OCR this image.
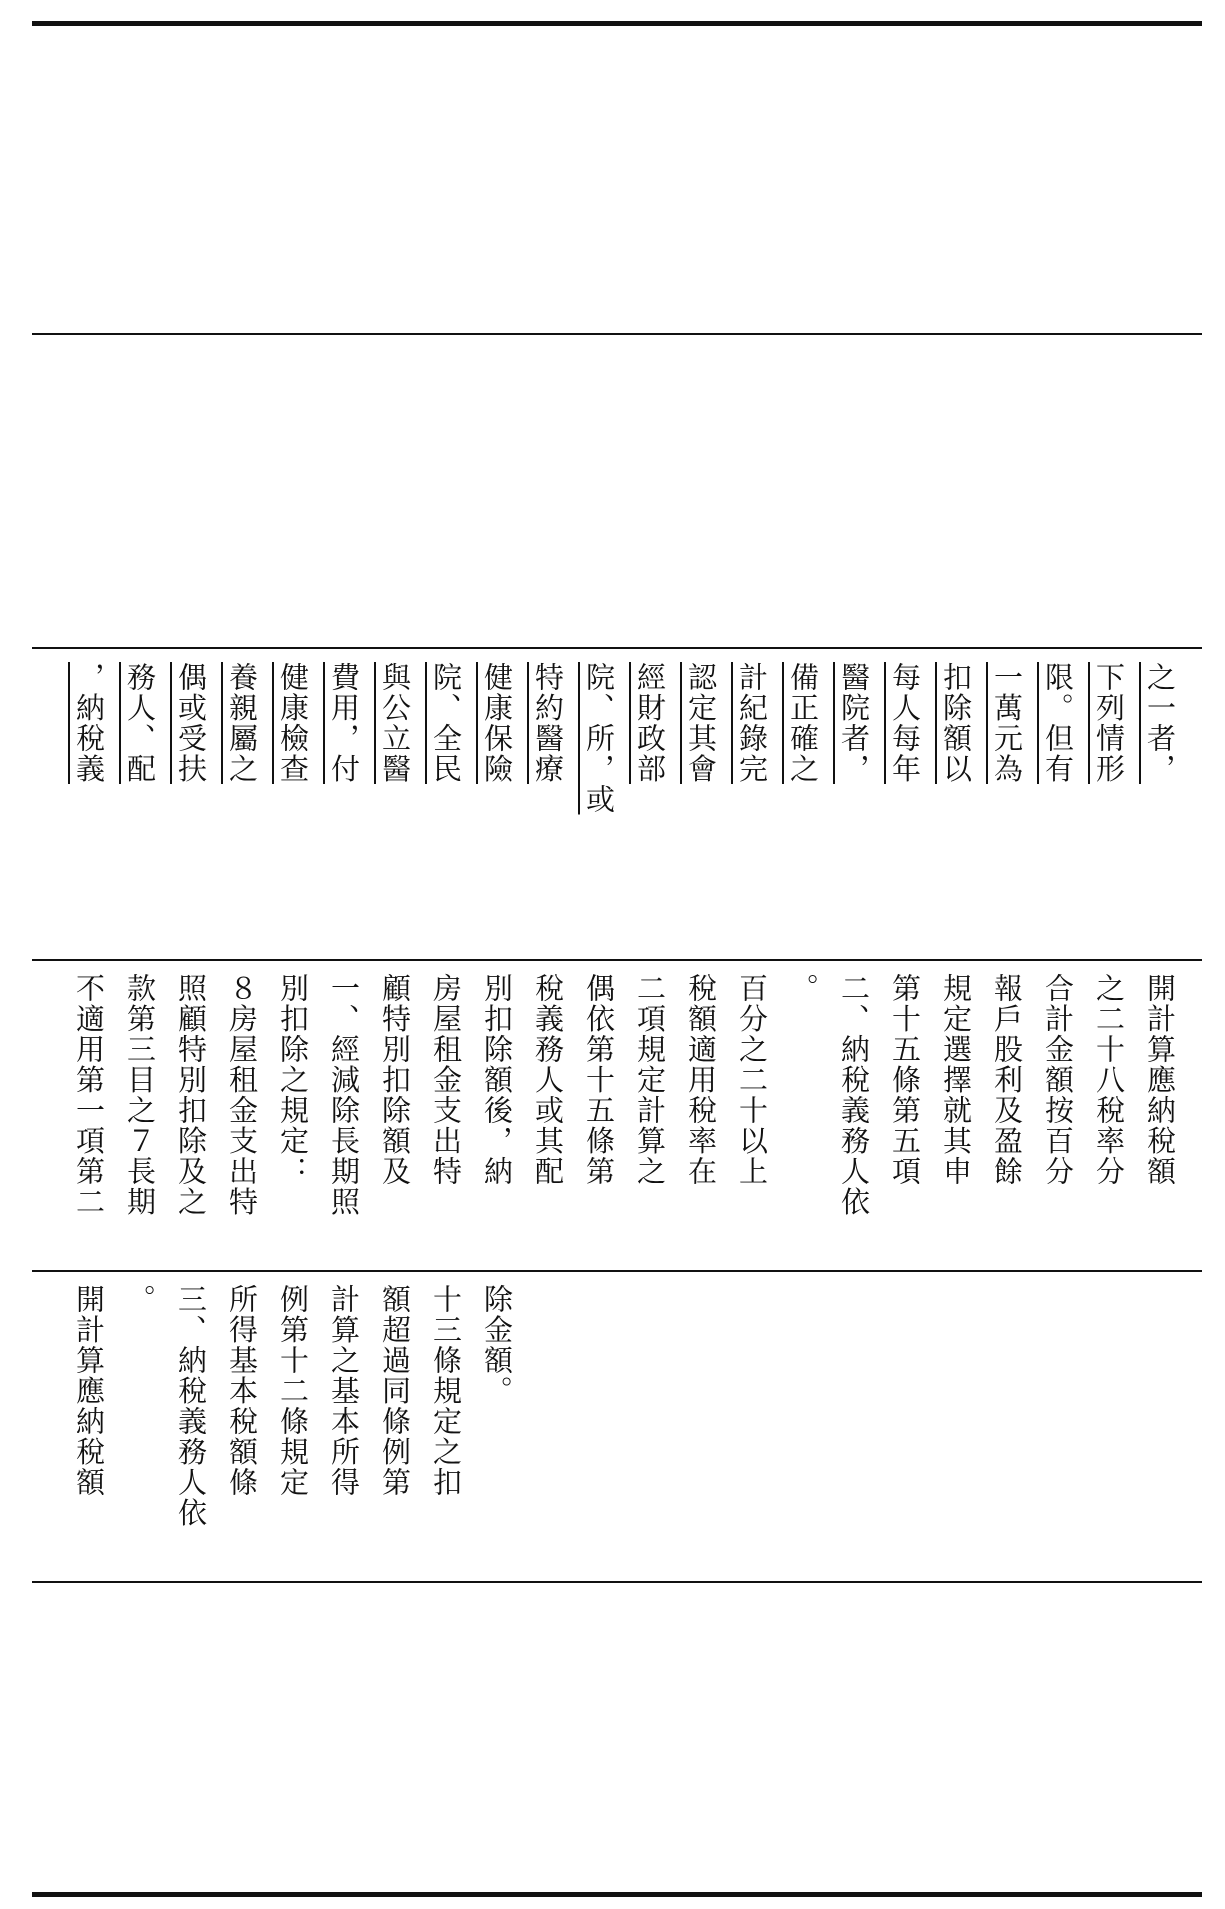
，納稅義 務人、配 偶或受扶 養親屬之 健康檢查 費用，付 與公立醫 院、全民 健康保險 特約醫療 院、所，或 經財政部 認定其會 計紀錄完 備正確之 醫院者， 每人每年 扣除額以 一萬元為 限。但有 下列情形 之一者，
不適用第一項第二 款第三目之７長期 照顧特別扣除及之 ８房屋租金支出特 別扣除之規定： 一、經減除長期照 顧特別扣除額及 房屋租金支出特 別扣除額後，納 稅義務人或其配 偶依第十五條第 二項規定計算之 稅額適用稅率在 百分之二十以上 。 二、納稅義務人依 第十五條第五項 規定選擇就其申 報戶股利及盈餘 合計金額按百分 之二十八稅率分 開計算應納稅額
開計算應納稅額 。 三、納稅義務人依 所得基本稅額條 例第十二條規定 計算之基本所得 額超過同條例第 十三條規定之扣 除金額。
